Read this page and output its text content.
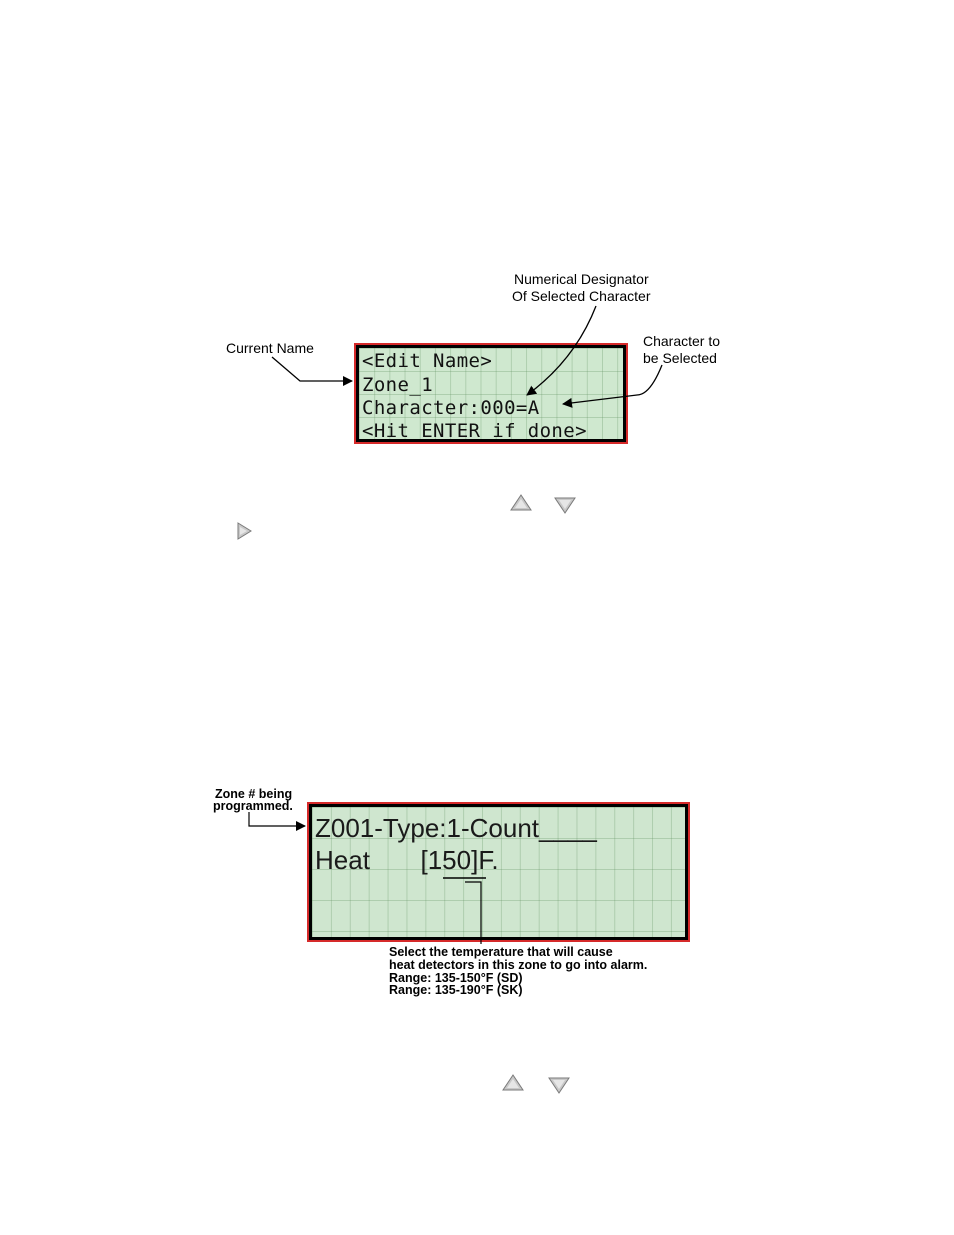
Numerical Designator
Of Selected Character
Current Name	Character to
be Selected
<Edit Name>
Zone_1
Character:000=A
<Hit ENTER if done>
Zone # being
programmed.
Z001-Type:1-Count____
Heat       [150]F.
Select the temperature that will cause
heat detectors in this zone to go into alarm.
Range: 135-150°F (SD)
Range: 135-190°F (SK)
